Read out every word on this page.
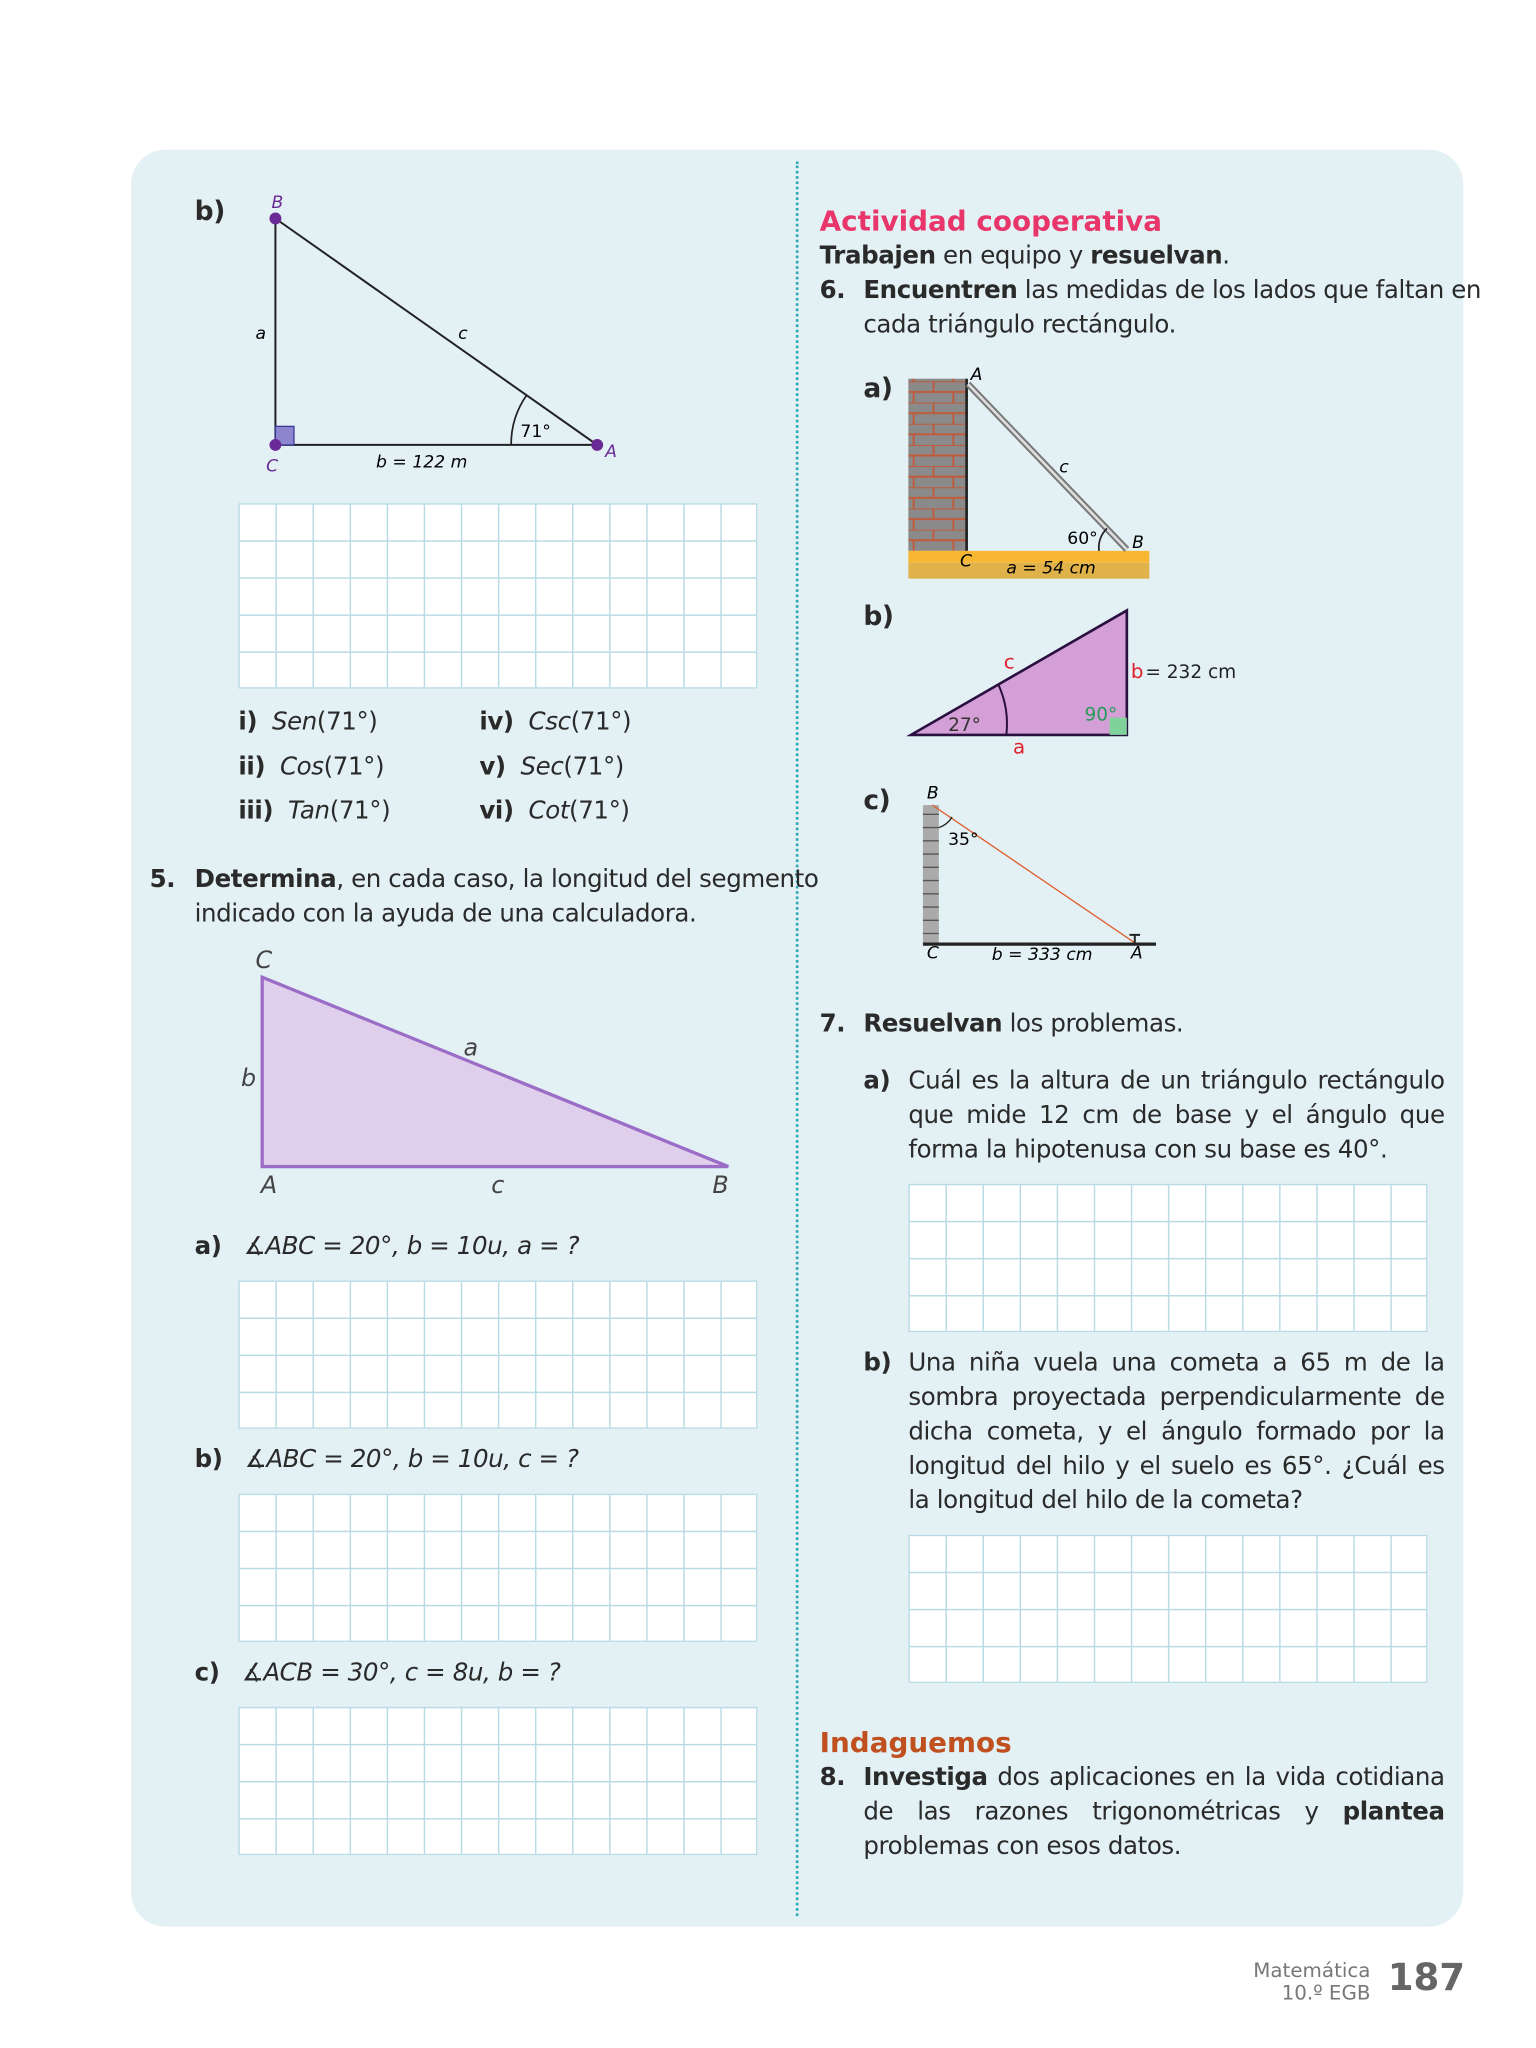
b)	B
C
A
a	c
b = 122 m
71°
i) Sen(71°)
ii) Cos(71°)
iii) Tan(71°)
iv) Csc(71°)
v) Sec(71°)
vi) Cot(71°)
5. Determina, en cada caso, la longitud del segmento
indicado con la ayuda de una calculadora.
C
A	B
a
b
c
a) ∡ABC = 20°, b = 10u, a = ?
b) ∡ABC = 20°, b = 10u, c = ?
c) ∡ACB = 30°, c = 8u, b = ?
Actividad cooperativa
Trabajen en equipo y resuelvan.
6. Encuentren las medidas de los lados que faltan en
cada triángulo rectángulo.
a)	A
B
C
c
60°
a = 54 cm
b)
27°
90°
c
a
b = 232 cm
c)	B
C	A
35°
b = 333 cm
7. Resuelvan los problemas.
a) Cuál es la altura de un triángulo rectángulo que mide 12 cm de base y el ángulo que forma la hipotenusa con su base es 40°.
b) Una niña vuela una cometa a 65 m de la sombra proyectada perpendicularmente de dicha cometa, y el ángulo formado por la longitud del hilo y el suelo es 65°. ¿Cuál es la longitud del hilo de la cometa?
Indaguemos
8. Investiga dos aplicaciones en la vida cotidiana de las razones trigonométricas y plantea problemas con esos datos.
Matemática
10.º EGB 187
